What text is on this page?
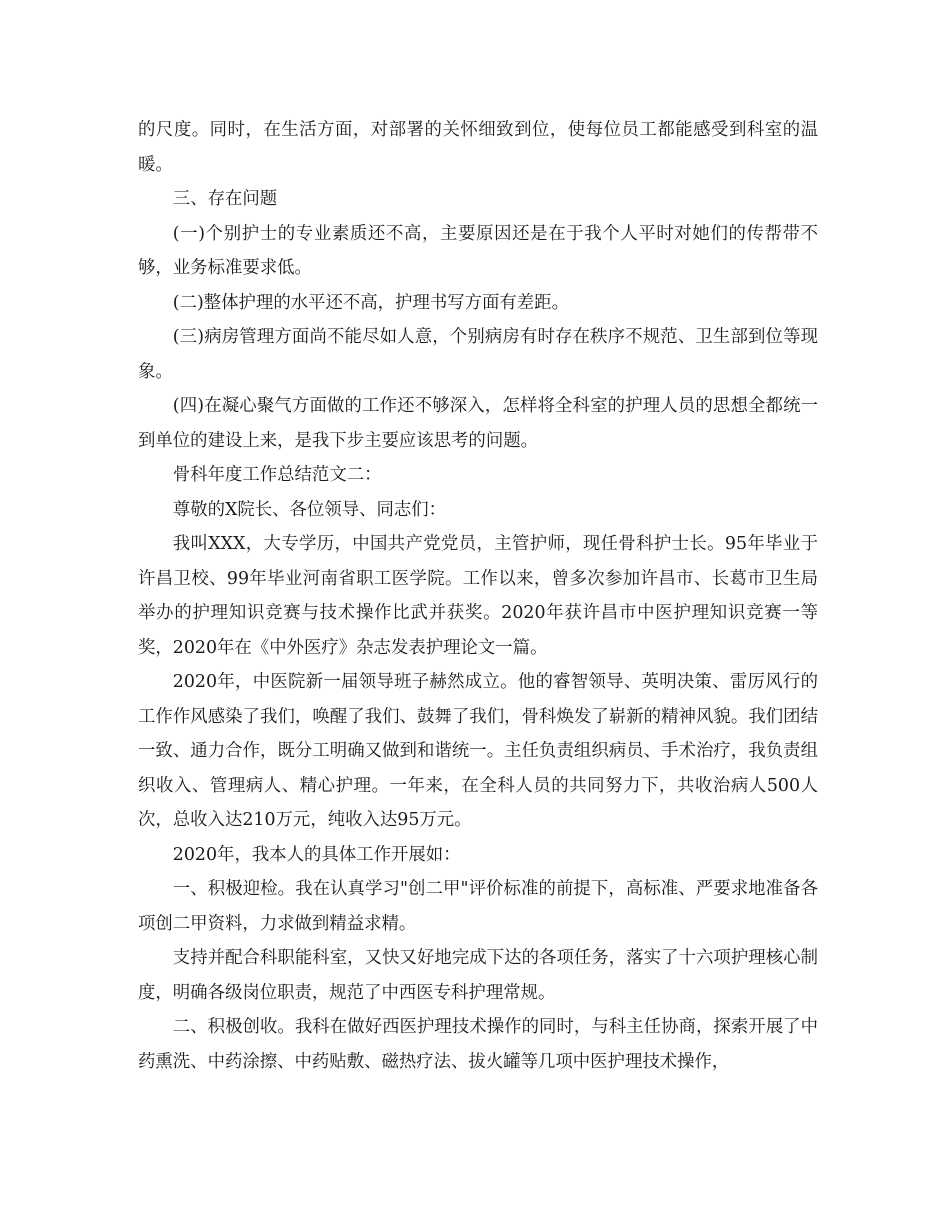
的尺度。同时，在生活方面，对部署的关怀细致到位，使每位员工都能感受到科室的温暖。

三、存在问题

(一)个别护士的专业素质还不高，主要原因还是在于我个人平时对她们的传帮带不够，业务标准要求低。

(二)整体护理的水平还不高，护理书写方面有差距。

(三)病房管理方面尚不能尽如人意，个别病房有时存在秩序不规范、卫生部到位等现象。

(四)在凝心聚气方面做的工作还不够深入，怎样将全科室的护理人员的思想全都统一到单位的建设上来，是我下步主要应该思考的问题。

骨科年度工作总结范文二：

尊敬的X院长、各位领导、同志们：

我叫XXX，大专学历，中国共产党党员，主管护师，现任骨科护士长。95年毕业于许昌卫校、99年毕业河南省职工医学院。工作以来，曾多次参加许昌市、长葛市卫生局举办的护理知识竞赛与技术操作比武并获奖。2020年获许昌市中医护理知识竞赛一等奖，2020年在《中外医疗》杂志发表护理论文一篇。

2020年，中医院新一届领导班子赫然成立。他的睿智领导、英明决策、雷厉风行的工作作风感染了我们，唤醒了我们、鼓舞了我们，骨科焕发了崭新的精神风貌。我们团结一致、通力合作，既分工明确又做到和谐统一。主任负责组织病员、手术治疗，我负责组织收入、管理病人、精心护理。一年来，在全科人员的共同努力下，共收治病人500人次，总收入达210万元，纯收入达95万元。

2020年，我本人的具体工作开展如：

一、积极迎检。我在认真学习"创二甲"评价标准的前提下，高标准、严要求地准备各项创二甲资料，力求做到精益求精。

支持并配合科职能科室，又快又好地完成下达的各项任务，落实了十六项护理核心制度，明确各级岗位职责，规范了中西医专科护理常规。

二、积极创收。我科在做好西医护理技术操作的同时，与科主任协商，探索开展了中药熏洗、中药涂擦、中药贴敷、磁热疗法、拔火罐等几项中医护理技术操作，
